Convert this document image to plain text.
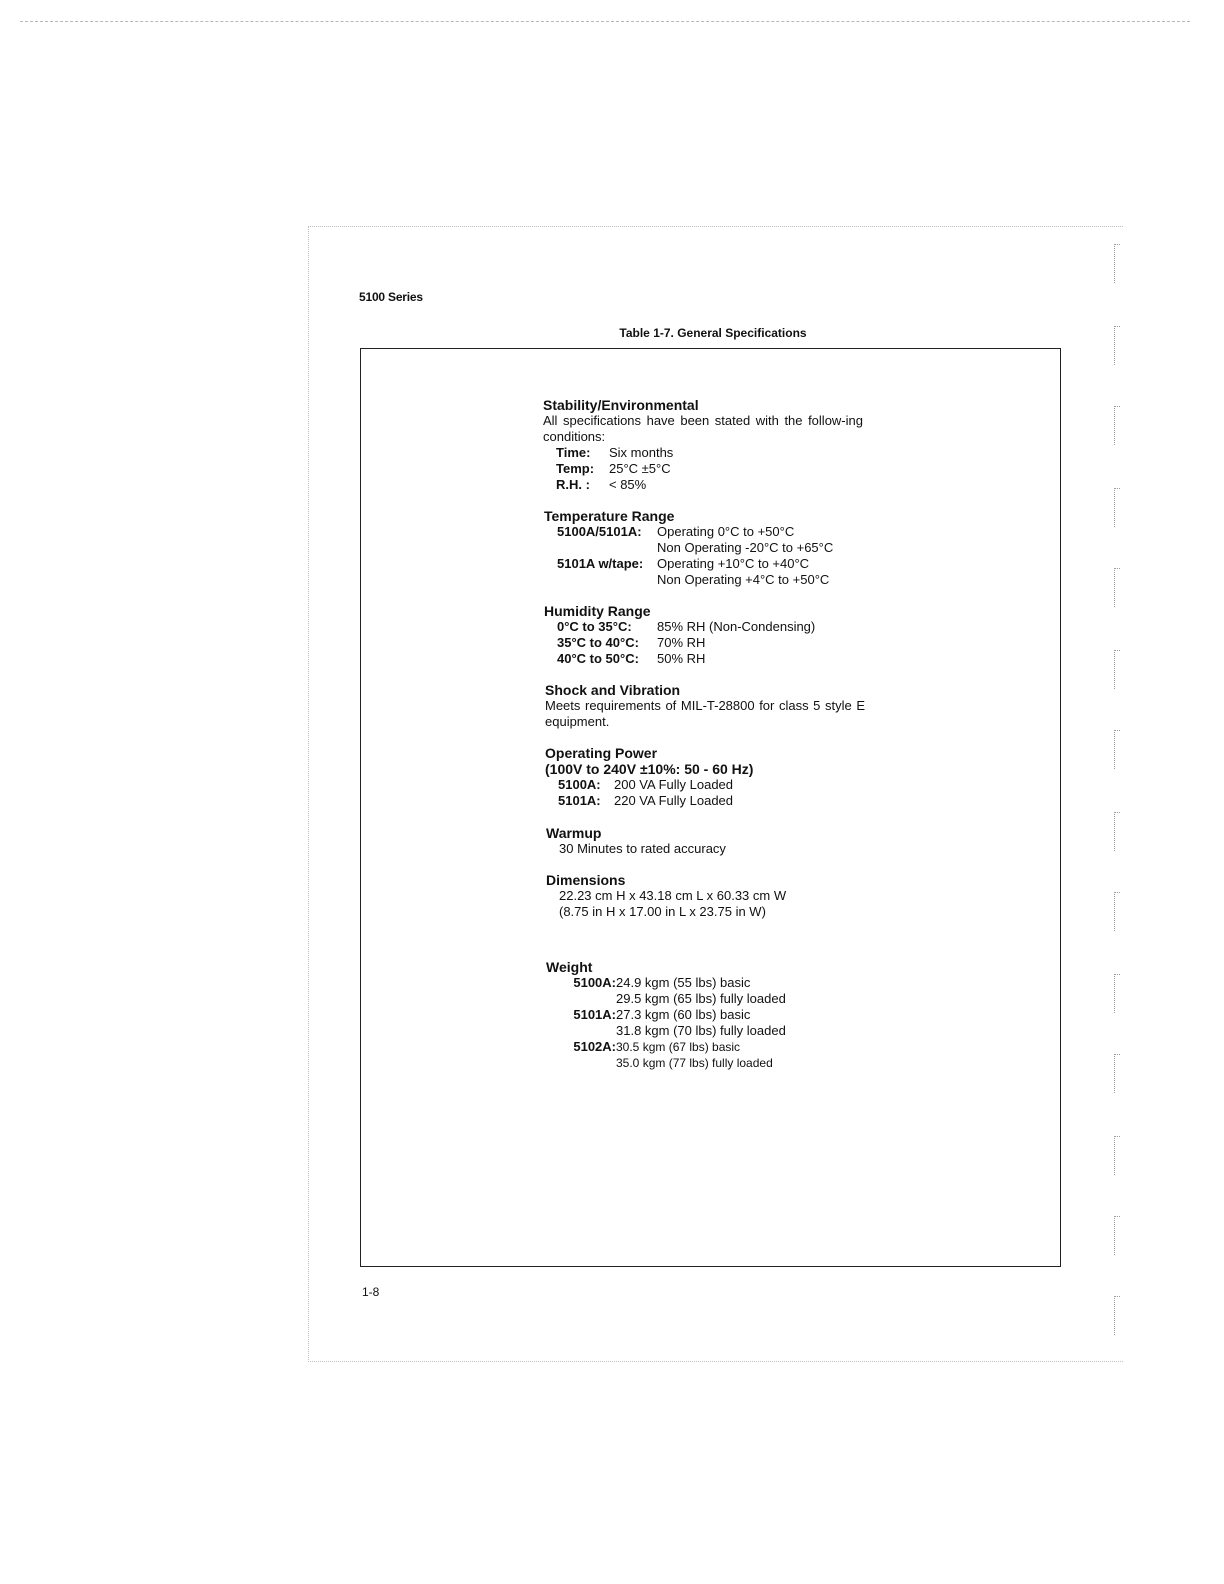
5100 Series
Table 1-7. General Specifications
Stability/Environmental
All specifications have been stated with the follow-ing conditions:
Time: Six months
Temp: 25°C ±5°C
R.H. : < 85%
Temperature Range
5100A/5101A: Operating 0°C to +50°C
Non Operating -20°C to +65°C
5101A w/tape: Operating +10°C to +40°C
Non Operating +4°C to +50°C
Humidity Range
0°C to 35°C: 85% RH (Non-Condensing)
35°C to 40°C: 70% RH
40°C to 50°C: 50% RH
Shock and Vibration
Meets requirements of MIL-T-28800 for class 5 style E equipment.
Operating Power
(100V to 240V ±10%: 50 - 60 Hz)
5100A: 200 VA Fully Loaded
5101A: 220 VA Fully Loaded
Warmup
30 Minutes to rated accuracy
Dimensions
22.23 cm H x 43.18 cm L x 60.33 cm W
(8.75 in H x 17.00 in L x 23.75 in W)
Weight
5100A:24.9 kgm (55 lbs) basic
29.5 kgm (65 lbs) fully loaded
5101A:27.3 kgm (60 lbs) basic
31.8 kgm (70 lbs) fully loaded
5102A:30.5 kgm (67 lbs) basic
35.0 kgm (77 lbs) fully loaded
1-8
